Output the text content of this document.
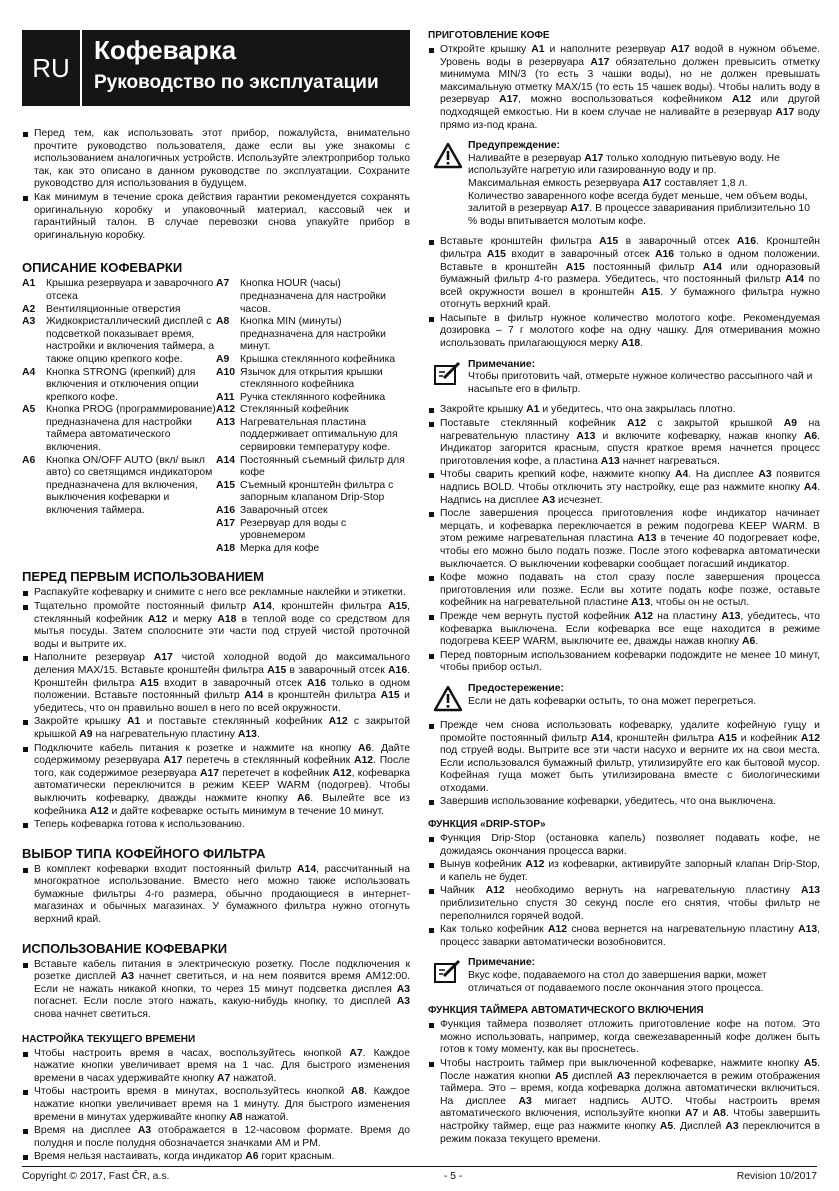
RU
Кофеварка
Руководство по эксплуатации
Перед тем, как использовать этот прибор, пожалуйста, внимательно прочтите руководство пользователя, даже если вы уже знакомы с использованием аналогичных устройств. Используйте электроприбор только так, как это описано в данном руководстве по эксплуатации. Сохраните руководство для использования в будущем.
Как минимум в течение срока действия гарантии рекомендуется сохранять оригинальную коробку и упаковочный материал, кассовый чек и гарантийный талон. В случае перевозки снова упакуйте прибор в оригинальную коробку.
ОПИСАНИЕ КОФЕВАРКИ
A1	Крышка резервуара и заварочного отсека
A2	Вентиляционные отверстия
A3	Жидкокристаллический дисплей с подсветкой показывает время, настройки и включения таймера, а также опцию крепкого кофе.
A4	Кнопка STRONG (крепкий) для включения и отключения опции крепкого кофе.
A5	Кнопка PROG (программирование) предназначена для настройки таймера автоматического включения.
A6	Кнопка ON/OFF AUTO (вкл/ выкл авто) со светящимся индикатором предназначена для включения, выключения кофеварки и включения таймера.
A7	Кнопка HOUR (часы) предназначена для настройки часов.
A8	Кнопка MIN (минуты) предназначена для настройки минут.
A9	Крышка стеклянного кофейника
A10 Язычок для открытия крышки стеклянного кофейника
A11 Ручка стеклянного кофейника
A12 Стеклянный кофейник
A13 Нагревательная пластина поддерживает оптимальную для сервировки температуру кофе.
A14 Постоянный съемный фильтр для кофе
A15 Съемный кронштейн фильтра с запорным клапаном Drip-Stop
A16 Заварочный отсек
A17 Резервуар для воды с уровнемером
A18 Мерка для кофе
ПЕРЕД ПЕРВЫМ ИСПОЛЬЗОВАНИЕМ
Распакуйте кофеварку и снимите с него все рекламные наклейки и этикетки.
Тщательно промойте постоянный фильтр A14, кронштейн фильтра A15, стеклянный кофейник A12 и мерку A18 в теплой воде со средством для мытья посуды. Затем сполосните эти части под струей чистой проточной воды и вытрите их.
Наполните резервуар A17 чистой холодной водой до максимального деления MAX/15. Вставьте кронштейн фильтра A15 в заварочный отсек A16. Кронштейн фильтра A15 входит в заварочный отсек A16 только в одном положении. Вставьте постоянный фильтр A14 в кронштейн фильтра A15 и убедитесь, что он правильно вошел в него по всей окружности.
Закройте крышку A1 и поставьте стеклянный кофейник A12 с закрытой крышкой A9 на нагревательную пластину A13.
Подключите кабель питания к розетке и нажмите на кнопку A6. Дайте содержимому резервуара A17 перетечь в стеклянный кофейник A12. После того, как содержимое резервуара A17 перетечет в кофейник A12, кофеварка автоматически переключится в режим KEEP WARM (подогрев). Чтобы выключить кофеварку, дважды нажмите кнопку A6. Вылейте все из кофейника A12 и дайте кофеварке остыть минимум в течение 10 минут.
Теперь кофеварка готова к использованию.
ВЫБОР ТИПА КОФЕЙНОГО ФИЛЬТРА
В комплект кофеварки входит постоянный фильтр A14, рассчитанный на многократное использование. Вместо него можно также использовать бумажные фильтры 4-го размера, обычно продающиеся в интернет-магазинах и обычных магазинах. У бумажного фильтра нужно отогнуть верхний край.
ИСПОЛЬЗОВАНИЕ КОФЕВАРКИ
Вставьте кабель питания в электрическую розетку. После подключения к розетке дисплей A3 начнет светиться, и на нем появится время AM12:00. Если не нажать никакой кнопки, то через 15 минут подсветка дисплея A3 погаснет. Если после этого нажать, какую-нибудь кнопку, то дисплей A3 снова начнет светиться.
НАСТРОЙКА ТЕКУЩЕГО ВРЕМЕНИ
Чтобы настроить время в часах, воспользуйтесь кнопкой A7. Каждое нажатие кнопки увеличивает время на 1 час. Для быстрого изменения времени в часах удерживайте кнопку A7 нажатой.
Чтобы настроить время в минутах, воспользуйтесь кнопкой A8. Каждое нажатие кнопки увеличивает время на 1 минуту. Для быстрого изменения времени в минутах удерживайте кнопку A8 нажатой.
Время на дисплее A3 отображается в 12-часовом формате. Время до полудня и после полудня обозначается значками AM и PM.
Время нельзя настаивать, когда индикатор A6 горит красным.
ПРИГОТОВЛЕНИЕ КОФЕ
Откройте крышку A1 и наполните резервуар A17 водой в нужном объеме. Уровень воды в резервуара A17 обязательно должен превысить отметку минимума MIN/3 (то есть 3 чашки воды), но не должен превышать максимальную отметку MAX/15 (то есть 15 чашек воды). Чтобы налить воду в резервуар A17, можно воспользоваться кофейником A12 или другой подходящей емкостью. Ни в коем случае не наливайте в резервуар A17 воду прямо из-под крана.
Предупреждение:
Наливайте в резервуар A17 только холодную питьевую воду. Не используйте нагретую или газированную воду и пр.
Максимальная емкость резервуара A17 составляет 1,8 л.
Количество заваренного кофе всегда будет меньше, чем объем воды, залитой в резервуар A17. В процессе заваривания приблизительно 10 % воды впитывается молотым кофе.
Вставьте кронштейн фильтра A15 в заварочный отсек A16. Кронштейн фильтра A15 входит в заварочный отсек A16 только в одном положении. Вставьте в кронштейн A15 постоянный фильтр A14 или одноразовый бумажный фильтр 4-го размера. Убедитесь, что постоянный фильтр A14 по всей окружности вошел в кронштейн A15. У бумажного фильтра нужно отогнуть верхний край.
Насыпьте в фильтр нужное количество молотого кофе. Рекомендуемая дозировка – 7 г молотого кофе на одну чашку. Для отмеривания можно использовать прилагающуюся мерку A18.
Примечание:
Чтобы приготовить чай, отмерьте нужное количество рассыпного чай и насыпьте его в фильтр.
Закройте крышку A1 и убедитесь, что она закрылась плотно.
Поставьте стеклянный кофейник A12 с закрытой крышкой A9 на нагревательную пластину A13 и включите кофеварку, нажав кнопку A6. Индикатор загорится красным, спустя краткое время начнется процесс приготовления кофе, а пластина A13 начнет нагреваться.
Чтобы сварить крепкий кофе, нажмите кнопку A4. На дисплее A3 появится надпись BOLD. Чтобы отключить эту настройку, еще раз нажмите кнопку A4. Надпись на дисплее A3 исчезнет.
После завершения процесса приготовления кофе индикатор начинает мерцать, и кофеварка переключается в режим подогрева KEEP WARM. В этом режиме нагревательная пластина A13 в течение 40 подогревает кофе, чтобы его можно было подать позже. После этого кофеварка автоматически выключается. О выключении кофеварки сообщает погасший индикатор.
Кофе можно подавать на стол сразу после завершения процесса приготовления или позже. Если вы хотите подать кофе позже, оставьте кофейник на нагревательной пластине A13, чтобы он не остыл.
Прежде чем вернуть пустой кофейник A12 на пластину A13, убедитесь, что кофеварка выключена. Если кофеварка все еще находится в режиме подогрева KEEP WARM, выключите ее, дважды нажав кнопку A6.
Перед повторным использованием кофеварки подождите не менее 10 минут, чтобы прибор остыл.
Предостережение:
Если не дать кофеварки остыть, то она может перегреться.
Прежде чем снова использовать кофеварку, удалите кофейную гущу и промойте постоянный фильтр A14, кронштейн фильтра A15 и кофейник A12 под струей воды. Вытрите все эти части насухо и верните их на свои места. Если использовался бумажный фильтр, утилизируйте его как бытовой мусор. Кофейная гуща может быть утилизирована вместе с биологическими отходами.
Завершив использование кофеварки, убедитесь, что она выключена.
ФУНКЦИЯ «DRIP-STOP»
Функция Drip-Stop (остановка капель) позволяет подавать кофе, не дожидаясь окончания процесса варки.
Вынув кофейник A12 из кофеварки, активируйте запорный клапан Drip-Stop, и капель не будет.
Чайник A12 необходимо вернуть на нагревательную пластину A13 приблизительно спустя 30 секунд после его снятия, чтобы фильтр не переполнился горячей водой.
Как только кофейник A12 снова вернется на нагревательную пластину A13, процесс заварки автоматически возобновится.
Примечание:
Вкус кофе, подаваемого на стол до завершения варки, может отличаться от подаваемого после окончания этого процесса.
ФУНКЦИЯ ТАЙМЕРА АВТОМАТИЧЕСКОГО ВКЛЮЧЕНИЯ
Функция таймера позволяет отложить приготовление кофе на потом. Это можно использовать, например, когда свежезаваренный кофе должен быть готов к тому моменту, как вы проснетесь.
Чтобы настроить таймер при выключенной кофеварке, нажмите кнопку A5. После нажатия кнопки A5 дисплей A3 переключается в режим отображения таймера. Это – время, когда кофеварка должна автоматически включиться. На дисплее A3 мигает надпись AUTO. Чтобы настроить время автоматического включения, используйте кнопки A7 и A8. Чтобы завершить настройку таймер, еще раз нажмите кнопку A5. Дисплей A3 переключится в режим показа текущего времени.
Copyright © 2017, Fast ČR, a.s.	- 5 -	Revision 10/2017
